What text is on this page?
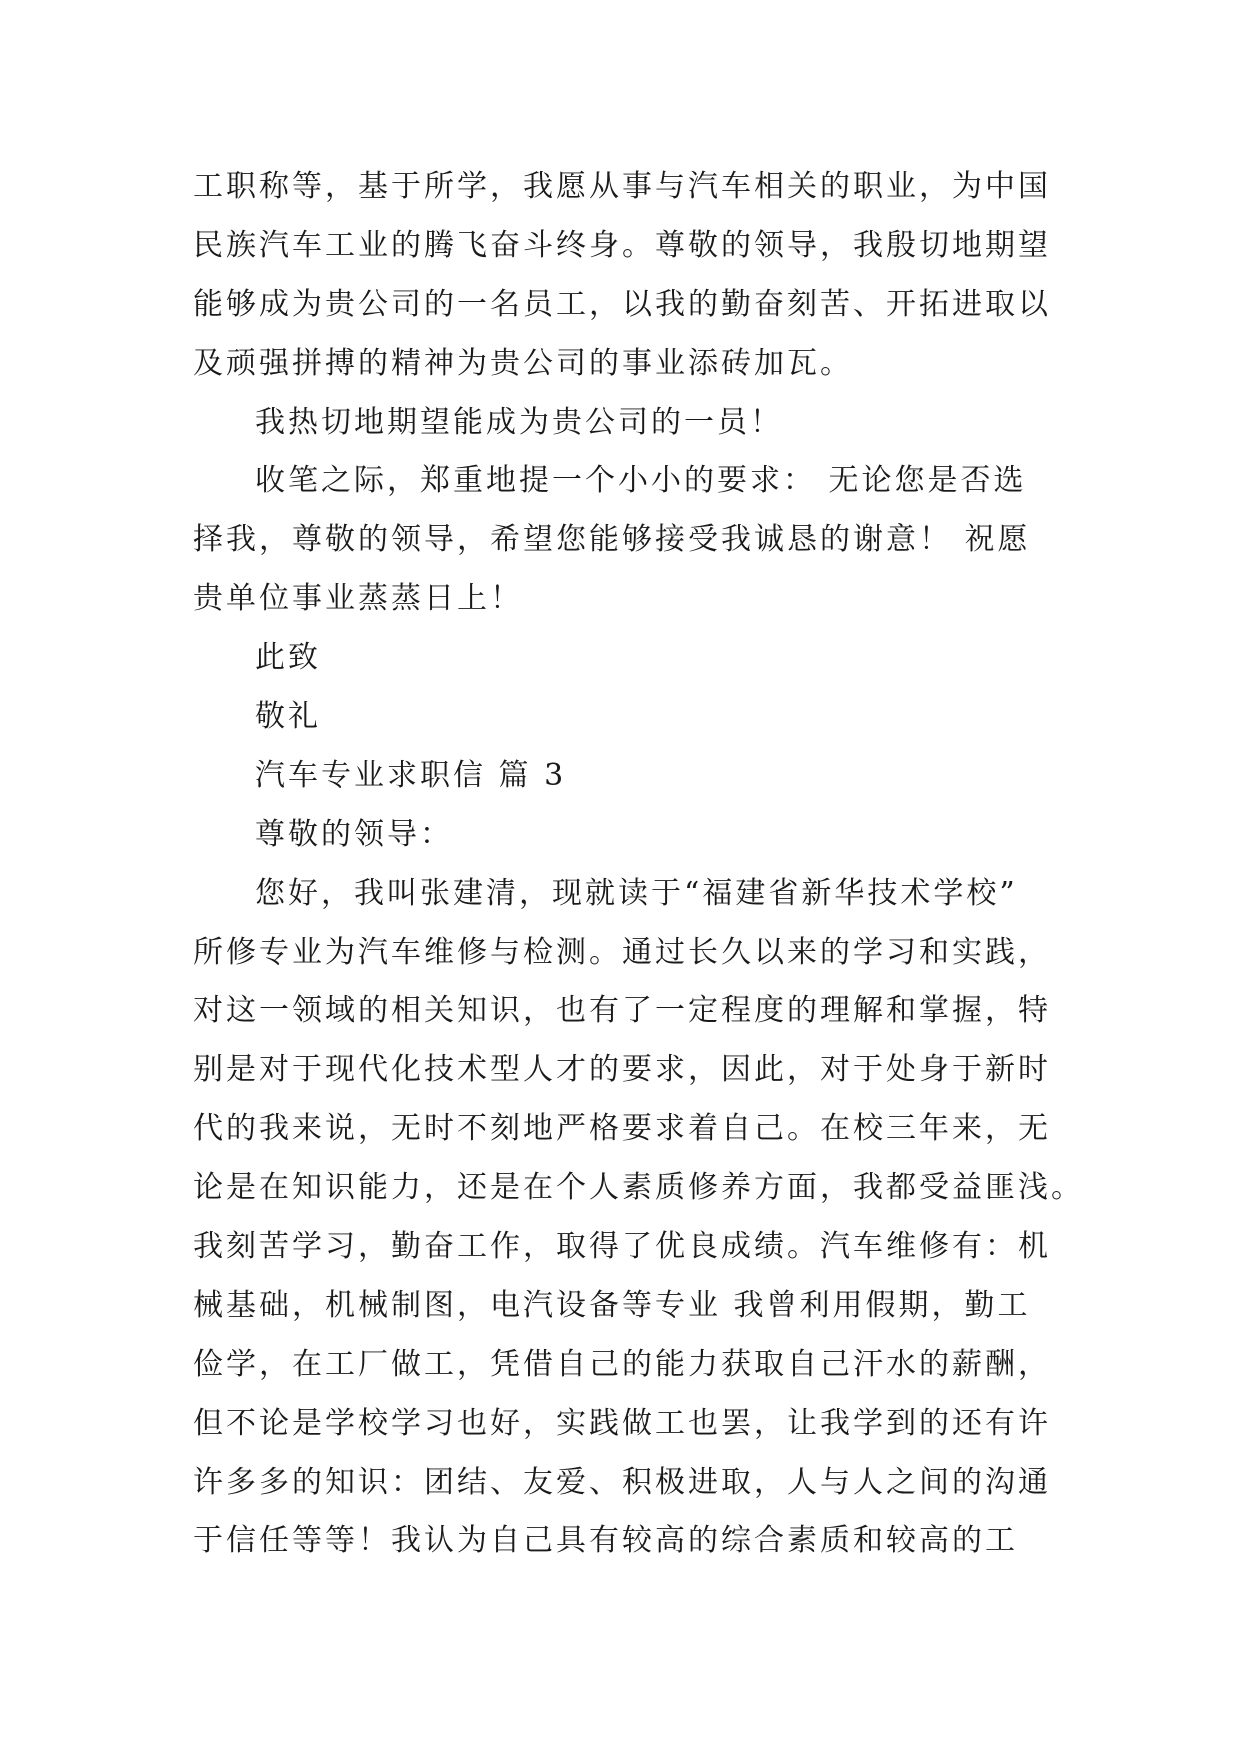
工职称等，基于所学，我愿从事与汽车相关的职业，为中国
民族汽车工业的腾飞奋斗终身。尊敬的领导，我殷切地期望
能够成为贵公司的一名员工，以我的勤奋刻苦、开拓进取以
及顽强拼搏的精神为贵公司的事业添砖加瓦。
我热切地期望能成为贵公司的一员！
收笔之际，郑重地提一个小小的要求： 无论您是否选
择我，尊敬的领导，希望您能够接受我诚恳的谢意！ 祝愿
贵单位事业蒸蒸日上！
此致
敬礼
汽车专业求职信 篇 3
尊敬的领导：
您好，我叫张建清，现就读于“福建省新华技术学校”
所修专业为汽车维修与检测。通过长久以来的学习和实践，
对这一领域的相关知识，也有了一定程度的理解和掌握，特
别是对于现代化技术型人才的要求，因此，对于处身于新时
代的我来说，无时不刻地严格要求着自己。在校三年来，无
论是在知识能力，还是在个人素质修养方面，我都受益匪浅。
我刻苦学习，勤奋工作，取得了优良成绩。汽车维修有：机
械基础，机械制图，电汽设备等专业 我曾利用假期，勤工
俭学，在工厂做工，凭借自己的能力获取自己汗水的薪酬，
但不论是学校学习也好，实践做工也罢，让我学到的还有许
许多多的知识：团结、友爱、积极进取，人与人之间的沟通
于信任等等！我认为自己具有较高的综合素质和较高的工
